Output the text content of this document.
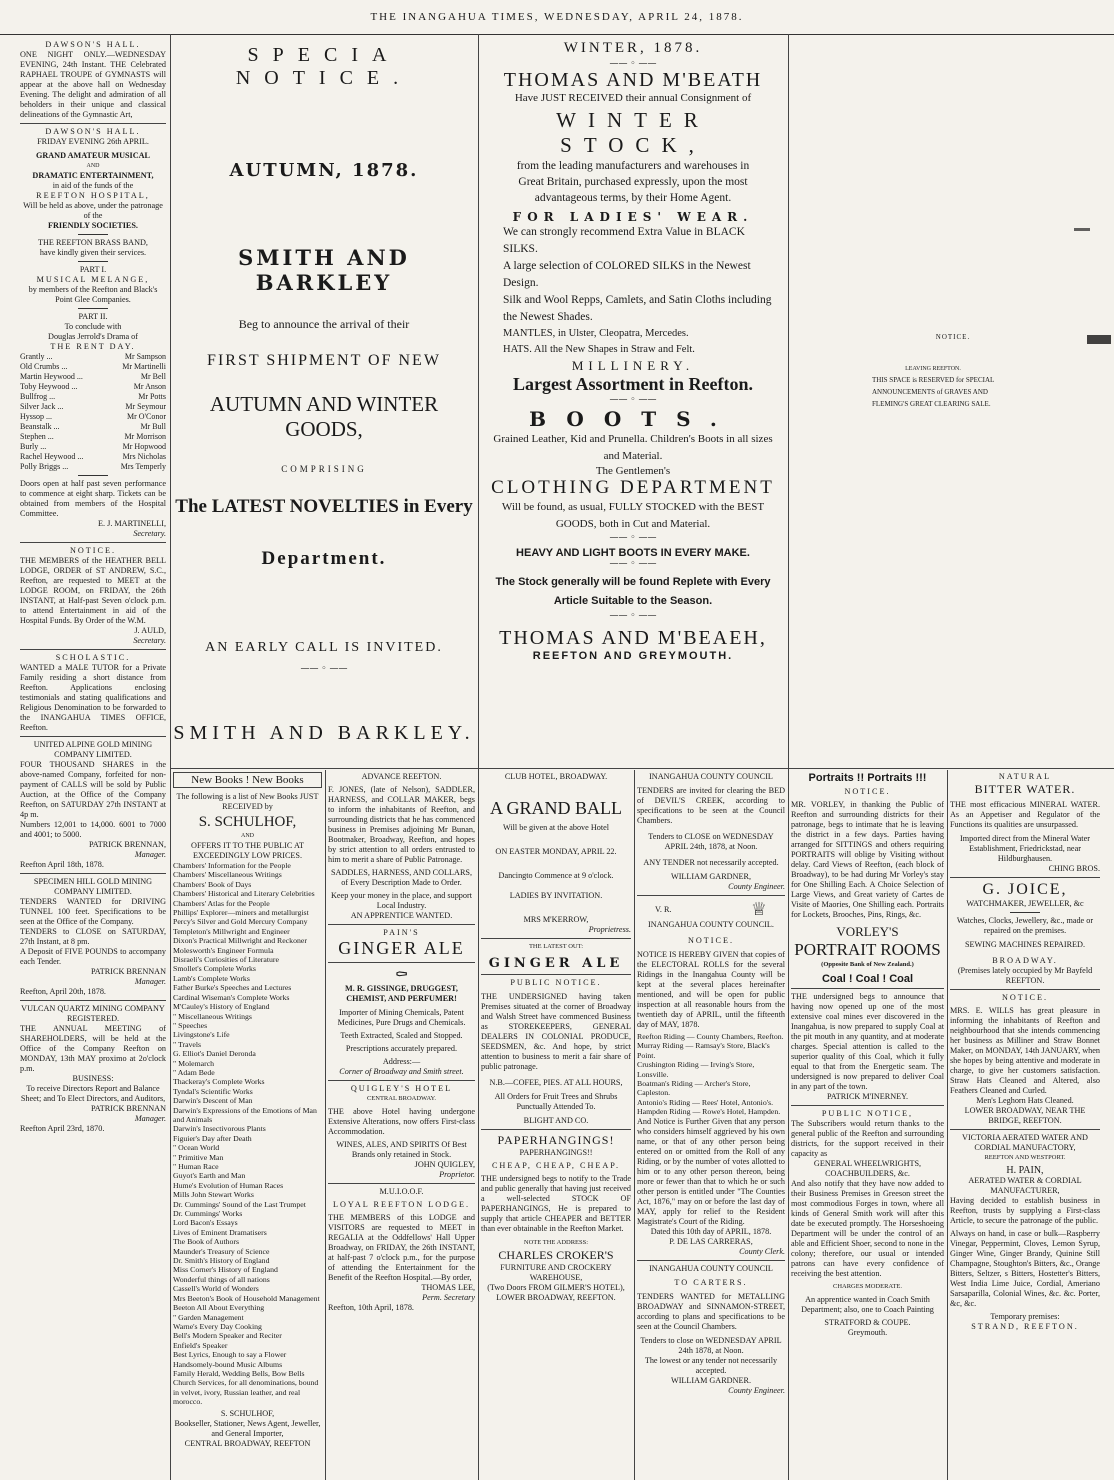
THE INANGAHUA TIMES, WEDNESDAY, APRIL 24, 1878.
DAWSON'S HALL.
ONE NIGHT ONLY.—WEDNESDAY EVENING, 24th Instant. THE Celebrated RAPHAEL TROUPE of GYMNASTS will appear at the above hall on Wednesday Evening. The delight and admiration of all beholders in their unique and classical delineations of the Gymnastic Art,
DAWSON'S HALL.
FRIDAY EVENING 26th APRIL.
GRAND AMATEUR MUSICAL
AND
DRAMATIC ENTERTAINMENT,
in aid of the funds of the
REEFTON HOSPITAL,
Will be held as above, under the patronage of the
FRIENDLY SOCIETIES.
THE REEFTON BRASS BAND,
have kindly given their services.
PART I.
MUSICAL MELANGE,
by members of the Reefton and Black's Point Glee Companies.
PART II.
To conclude with
Douglas Jerrold's Drama of
THE RENT DAY.
Grantly ...	Mr Sampson
Old Crumbs ...	Mr Martinelli
Martin Heywood ...	Mr Bell
Toby Heywood ...	Mr Anson
Bullfrog ...	Mr Potts
Silver Jack ...	Mr Seymour
Hyssop ...	Mr O'Conor
Beanstalk ...	Mr Bull
Stephen ...	Mr Morrison
Burly ...	Mr Hopwood
Rachel Heywood ...	Mrs Nicholas
Polly Briggs ...	Mrs Temperly
Doors open at half past seven performance to commence at eight sharp. Tickets can be obtained from members of the Hospital Committee.
E. J. MARTINELLI,
Secretary.
NOTICE.
THE MEMBERS of the HEATHER BELL LODGE, ORDER of ST ANDREW, S.C., Reefton, are requested to MEET at the LODGE ROOM, on FRIDAY, the 26th INSTANT, at Half-past Seven o'clock p.m. to attend Entertainment in aid of the Hospital Funds. By Order of the W.M.
J. AULD,
Secretary.
SCHOLASTIC.
WANTED a MALE TUTOR for a Private Family residing a short distance from Reefton. Applications enclosing testimonials and stating qualifications and Religious Denomination to be forwarded to the INANGAHUA TIMES OFFICE, Reefton.
UNITED ALPINE GOLD MINING COMPANY LIMITED.
FOUR THOUSAND SHARES in the above-named Company, forfeited for non-payment of CALLS will be sold by Public Auction, at the Office of the Company Reefton, on SATURDAY 27th INSTANT at 4p m.
Numbers 12,001 to 14,000. 6001 to 7000 and 4001; to 5000.
PATRICK BRENNAN,
Manager.
Reefton April 18th, 1878.
SPECIMEN HILL GOLD MINING COMPANY LIMITED.
TENDERS WANTED for DRIVING TUNNEL 100 feet. Specifications to be seen at the Office of the Company.
TENDERS to CLOSE on SATURDAY, 27th Instant, at 8 pm.
A Deposit of FIVE POUNDS to accompany each Tender.
PATRICK BRENNAN
Manager.
Reefton, April 20th, 1878.
VULCAN QUARTZ MINING COMPANY REGISTERED.
THE ANNUAL MEETING of SHAREHOLDERS, will be held at the Office of the Company Reefton on MONDAY, 13th MAY proximo at 2o'clock p.m.
BUSINESS:
To receive Directors Report and Balance Sheet; and To Elect Directors, and Auditors,
PATRICK BRENNAN
Manager.
Reefton April 23rd, 1870.
SPECIA NOTICE.
AUTUMN, 1878.
SMITH AND BARKLEY
Beg to announce the arrival of their
FIRST SHIPMENT OF NEW
AUTUMN AND WINTER GOODS,
COMPRISING
The LATEST NOVELTIES in Every
Department.
AN EARLY CALL IS INVITED.
—— ◦ ——
SMITH AND BARKLEY.
WINTER, 1878.
—— ◦ ——
THOMAS AND M'BEATH
Have JUST RECEIVED their annual Consignment of
WINTER STOCK,
from the leading manufacturers and warehouses in Great Britain, purchased expressly, upon the most advantageous terms, by their Home Agent.
FOR LADIES' WEAR.
We can strongly recommend Extra Value in BLACK SILKS.
A large selection of COLORED SILKS in the Newest Design.
Silk and Wool Repps, Camlets, and Satin Cloths including the Newest Shades.
MANTLES, in Ulster, Cleopatra, Mercedes.
HATS. All the New Shapes in Straw and Felt.
MILLINERY.
Largest Assortment in Reefton.
—— ◦ ——
BOOTS.
Grained Leather, Kid and Prunella. Children's Boots in all sizes and Material.
The Gentlemen's
CLOTHING DEPARTMENT
Will be found, as usual, FULLY STOCKED with the BEST GOODS, both in Cut and Material.
—— ◦ ——
HEAVY AND LIGHT BOOTS IN EVERY MAKE.
—— ◦ ——
The Stock generally will be found Replete with Every Article Suitable to the Season.
—— ◦ ——
THOMAS AND M'BEAEH,
REEFTON AND GREYMOUTH.
NOTICE.
LEAVING REEFTON.
THIS SPACE is RESERVED for SPECIAL ANNOUNCEMENTS of GRAVES AND FLEMING'S GREAT CLEARING SALE.
New Books ! New Books
The following is a list of New Books JUST RECEIVED by
S. SCHULHOF,
AND
OFFERS IT TO THE PUBLIC AT EXCEEDINGLY LOW PRICES.
Chambers' Information for the People
Chambers' Miscellaneous Writings
Chambers' Book of Days
Chambers' Historical and Literary Celebrities
Chambers' Atlas for the People
Phillips' Explorer—miners and metallurgist
Percy's Silver and Gold Mercury Company
Templeton's Millwright and Engineer
Dixon's Practical Millwright and Reckoner
Molesworth's Engineer Formula
Disraeli's Curiosities of Literature
Smollet's Complete Works
Lamb's Complete Works
Father Burke's Speeches and Lectures
Cardinal Wiseman's Complete Works
M'Cauley's History of England
" Miscellaneous Writings
" Speeches
Livingstone's Life
" Travels
G. Elliot's Daniel Deronda
" Molemarch
" Adam Bede
Thackeray's Complete Works
Tyndal's Scientific Works
Darwin's Descent of Man
Darwin's Expressions of the Emotions of Man and Animals
Darwin's Insectivorous Plants
Figuier's Day after Death
" Ocean World
" Primitive Man
" Human Race
Guyot's Earth and Man
Hume's Evolution of Human Races
Mills John Stewart Works
Dr. Cummings' Sound of the Last Trumpet
Dr. Cummings' Works
Lord Bacon's Essays
Lives of Eminent Dramatisers
The Book of Authors
Maunder's Treasury of Science
Dr. Smith's History of England
Miss Corner's History of England
Wonderful things of all nations
Cassell's World of Wonders
Mrs Beeton's Book of Household Management
Beeton All About Everything
" Garden Management
Warne's Every Day Cooking
Bell's Modern Speaker and Reciter
Enfield's Speaker
Best Lyrics, Enough to say a Flower
Handsomely-bound Music Albums
Family Herald, Wedding Bells, Bow Bells
Church Services, for all denominations, bound in velvet, ivory, Russian leather, and real morocco.
S. SCHULHOF,
Bookseller, Stationer, News Agent, Jeweller, and General Importer,
CENTRAL BROADWAY, REEFTON
ADVANCE REEFTON.
F. JONES, (late of Nelson), SADDLER, HARNESS, and COLLAR MAKER, begs to inform the inhabitants of Reefton, and surrounding districts that he has commenced business in Premises adjoining Mr Bunan, Bootmaker, Broadway, Reefton, and hopes by strict attention to all orders entrusted to him to merit a share of Public Patronage.
SADDLES, HARNESS, AND COLLARS, of Every Description Made to Order.
Keep your money in the place, and support Local Industry.
AN APPRENTICE WANTED.
PAIN'S
GINGER ALE
⚰
M. R. GISSINGE, DRUGGEST, CHEMIST, AND PERFUMER!
Importer of Mining Chemicals, Patent Medicines, Pure Drugs and Chemicals.
Teeth Extracted, Scaled and Stopped.
Prescriptions accurately prepared.
Address:—
Corner of Broadway and Smith street.
QUIGLEY'S HOTEL
CENTRAL BROADWAY.
THE above Hotel having undergone Extensive Alterations, now offers First-class Accommodation.
WINES, ALES, AND SPIRITS Of Best Brands only retained in Stock.
JOHN QUIGLEY,
Proprietor.
M.U.I.O.O.F.
LOYAL REEFTON LODGE.
THE MEMBERS of this LODGE and VISITORS are requested to MEET in REGALIA at the Oddfellows' Hall Upper Broadway, on FRIDAY, the 26th INSTANT, at half-past 7 o'clock p.m., for the purpose of attending the Entertainment for the Benefit of the Reefton Hospital.—By order,
THOMAS LEE,
Perm. Secretary
Reefton, 10th April, 1878.
CLUB HOTEL, BROADWAY.
A GRAND BALL
Will be given at the above Hotel
ON EASTER MONDAY, APRIL 22.
Dancingto Commence at 9 o'clock.
LADIES BY INVITATION.
MRS M'KERROW,
Proprietress.
THE LATEST OUT:
GINGER ALE
PUBLIC NOTICE.
THE UNDERSIGNED having taken Premises situated at the corner of Broadway and Walsh Street have commenced Business as STOREKEEPERS, GENERAL DEALERS IN COLONIAL PRODUCE, SEEDSMEN, &c. And hope, by strict attention to business to merit a fair share of public patronage.
N.B.—COFEE, PIES. AT ALL HOURS,
All Orders for Fruit Trees and Shrubs Punctually Attended To.
BLIGHT AND CO.
PAPERHANGINGS!
PAPERHANGINGS!!
CHEAP, CHEAP, CHEAP.
THE undersigned begs to notify to the Trade and public generally that having just received a well-selected STOCK OF PAPERHANGINGS, He is prepared to supply that article CHEAPER and BETTER than ever obtainable in the Reefton Market.
NOTE THE ADDRESS:
CHARLES CROKER'S
FURNITURE AND CROCKERY WAREHOUSE,
(Two Doors FROM GILMER'S HOTEL),
LOWER BROADWAY, REEFTON.
INANGAHUA COUNTY COUNCIL
TENDERS are invited for clearing the BED of DEVIL'S CREEK, according to specifications to be seen at the Council Chambers.
Tenders to CLOSE on WEDNESDAY APRIL 24th, 1878, at Noon.
ANY TENDER not necessarily accepted.
WILLIAM GARDNER,
County Engineer.
V. R.	♕
INANGAHUA COUNTY COUNCIL.
NOTICE.
NOTICE IS HEREBY GIVEN that copies of the ELECTORAL ROLLS for the several Ridings in the Inangahua County will be kept at the several places hereinafter mentioned, and will be open for public inspection at all reasonable hours from the twentieth day of APRIL, until the fifteenth day of MAY, 1878.
Reefton Riding — County Chambers, Reefton.
Murray Riding — Ramsay's Store, Black's Point.
Crushington Riding — Irving's Store, Lonsville.
Boatman's Riding — Archer's Store, Capleston.
Antonio's Riding — Rees' Hotel, Antonio's.
Hampden Riding — Rowe's Hotel, Hampden.
And Notice is Further Given that any person who considers himself aggrieved by his own name, or that of any other person being entered on or omitted from the Roll of any Riding, or by the number of votes allotted to him or to any other person thereon, being more or fewer than that to which he or such other person is entitled under "The Counties Act, 1876," may on or before the last day of MAY, apply for relief to the Resident Magistrate's Court of the Riding.
Dated this 10th day of APRIL, 1878.
P. DE LAS CARRERAS,
County Clerk.
INANGAHUA COUNTY COUNCIL
TO CARTERS.
TENDERS WANTED for METALLING BROADWAY and SINNAMON-STREET, according to plans and specifications to be seen at the Council Chambers.
Tenders to close on WEDNESDAY APRIL 24th 1878, at Noon.
The lowest or any tender not necessarily accepted.
WILLIAM GARDNER.
County Engineer.
Portraits !! Portraits !!!
NOTICE.
MR. VORLEY, in thanking the Public of Reefton and surrounding districts for their patronage, begs to intimate that he is leaving the district in a few days. Parties having arranged for SITTINGS and others requiring PORTRAITS will oblige by Visiting without delay. Card Views of Reefton, (each block of Broadway), to be had during Mr Vorley's stay for One Shilling Each. A Choice Selection of Large Views, and Great variety of Cartes de Visite of Maories, One Shilling each. Portraits for Lockets, Brooches, Pins, Rings, &c.
VORLEY'S
PORTRAIT ROOMS
(Opposite Bank of New Zealand.)
Coal ! Coal ! Coal
THE undersigned begs to announce that having now opened up one of the most extensive coal mines ever discovered in the Inangahua, is now prepared to supply Coal at the pit mouth in any quantity, and at moderate charges. Special attention is called to the superior quality of this Coal, which it fully equal to that from the Energetic seam. The undersigned is now prepared to deliver Coal in any part of the town.
PATRICK M'INERNEY.
PUBLIC NOTICE,
The Subscribers would return thanks to the general public of the Reefton and surrounding districts, for the support received in their capacity as
GENERAL WHEELWRIGHTS, COACHBUILDERS, &c.
And also notify that they have now added to their Business Premises in Greeson street the most commodious Forges in town, where all kinds of General Smith work will after this date be executed promptly. The Horseshoeing Department will be under the control of an able and Efficient Shoer, second to none in the colony; therefore, our usual or intended patrons can have every confidence of receiving the best attention.
CHARGES MODERATE.
An apprentice wanted in Coach Smith Department; also, one to Coach Painting
STRATFORD & COUPE.
Greymouth.
NATURAL
BITTER WATER.
THE most efficacious MINERAL WATER. As an Appetiser and Regulator of the Functions its qualities are unsurpassed.
Imported direct from the Mineral Water Establishment, Friedrickstad, near Hildburghausen.
CHING BROS.
G. JOICE,
WATCHMAKER, JEWELLER, &c
Watches, Clocks, Jewellery, &c., made or repaired on the premises.
SEWING MACHINES REPAIRED.
BROADWAY.
(Premises lately occupied by Mr Bayfeld REEFTON.
NOTICE.
MRS. E. WILLS has great pleasure in informing the inhabitants of Reefton and neighbourhood that she intends commencing her business as Milliner and Straw Bonnet Maker, on MONDAY, 14th JANUARY, when she hopes by being attentive and moderate in charge, to give her customers satisfaction. Straw Hats Cleaned and Altered, also Feathers Cleaned and Curled.
Men's Leghorn Hats Cleaned.
LOWER BROADWAY, NEAR THE BRIDGE, REEFTON.
VICTORIA AERATED WATER AND CORDIAL MANUFACTORY,
REEFTON AND WESTPORT.
H. PAIN,
AERATED WATER & CORDIAL MANUFACTURER,
Having decided to establish business in Reefton, trusts by supplying a First-class Article, to secure the patronage of the public.
Always on hand, in case or bulk—Raspberry Vinegar, Peppermint, Cloves, Lemon Syrup, Ginger Wine, Ginger Brandy, Quinine Still Champagne, Stoughton's Bitters, &c., Orange Bitters, Seltzer, s Bitters, Hostetter's Bitters, West India Lime Juice, Cordial, Ameriano Sarsaparilla, Colonial Wines, &c. &c. Porter, &c, &c.
Temporary premises:
STRAND, REEFTON.
